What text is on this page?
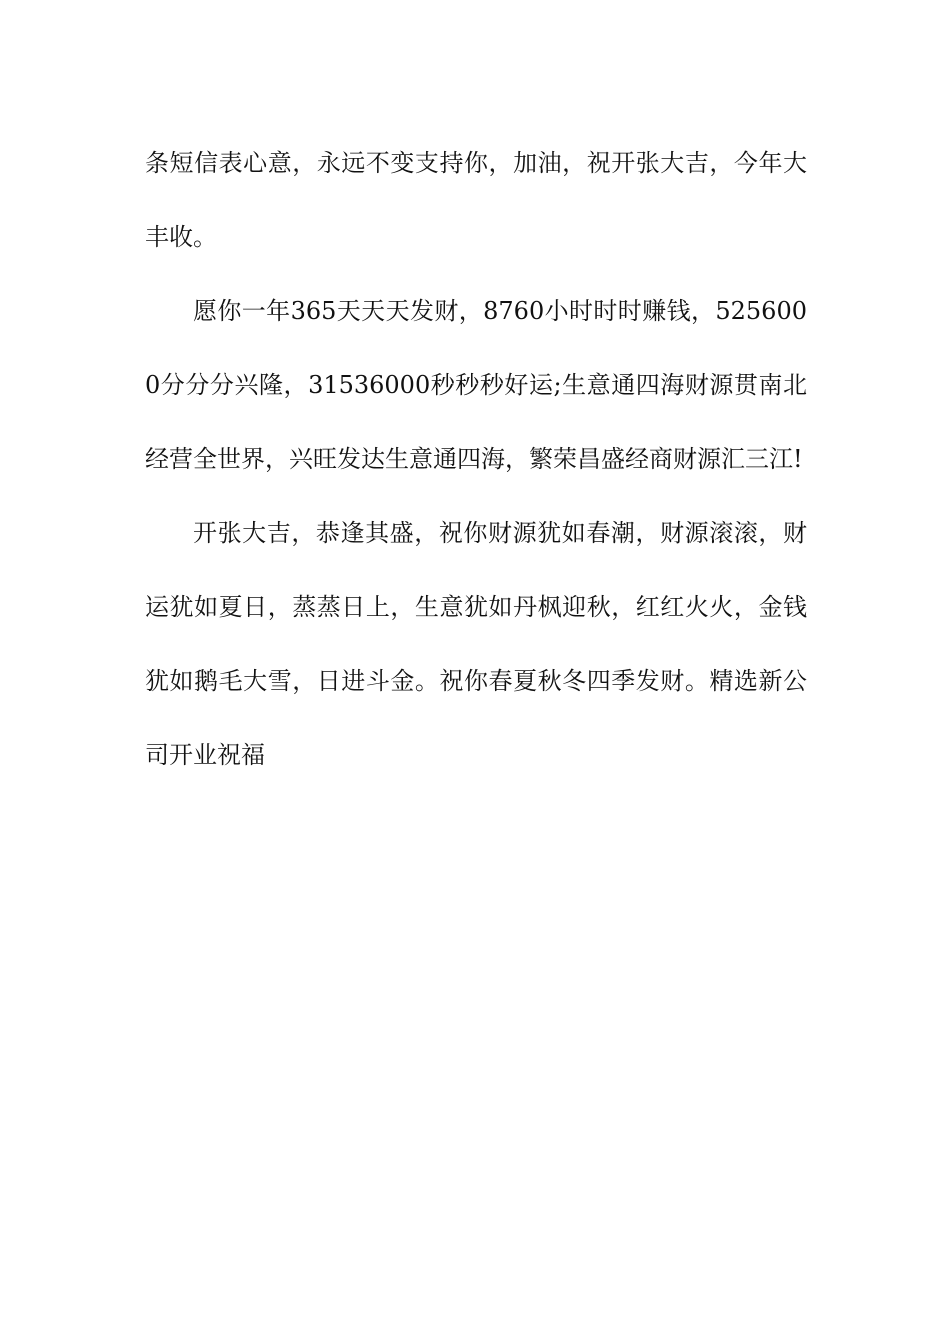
条短信表心意，永远不变支持你，加油，祝开张大吉，今年大丰收。

愿你一年365天天天发财，8760小时时时赚钱，5256000分分分兴隆，31536000秒秒秒好运;生意通四海财源贯南北经营全世界，兴旺发达生意通四海，繁荣昌盛经商财源汇三江!

开张大吉，恭逢其盛，祝你财源犹如春潮，财源滚滚，财运犹如夏日，蒸蒸日上，生意犹如丹枫迎秋，红红火火，金钱犹如鹅毛大雪，日进斗金。祝你春夏秋冬四季发财。精选新公司开业祝福
